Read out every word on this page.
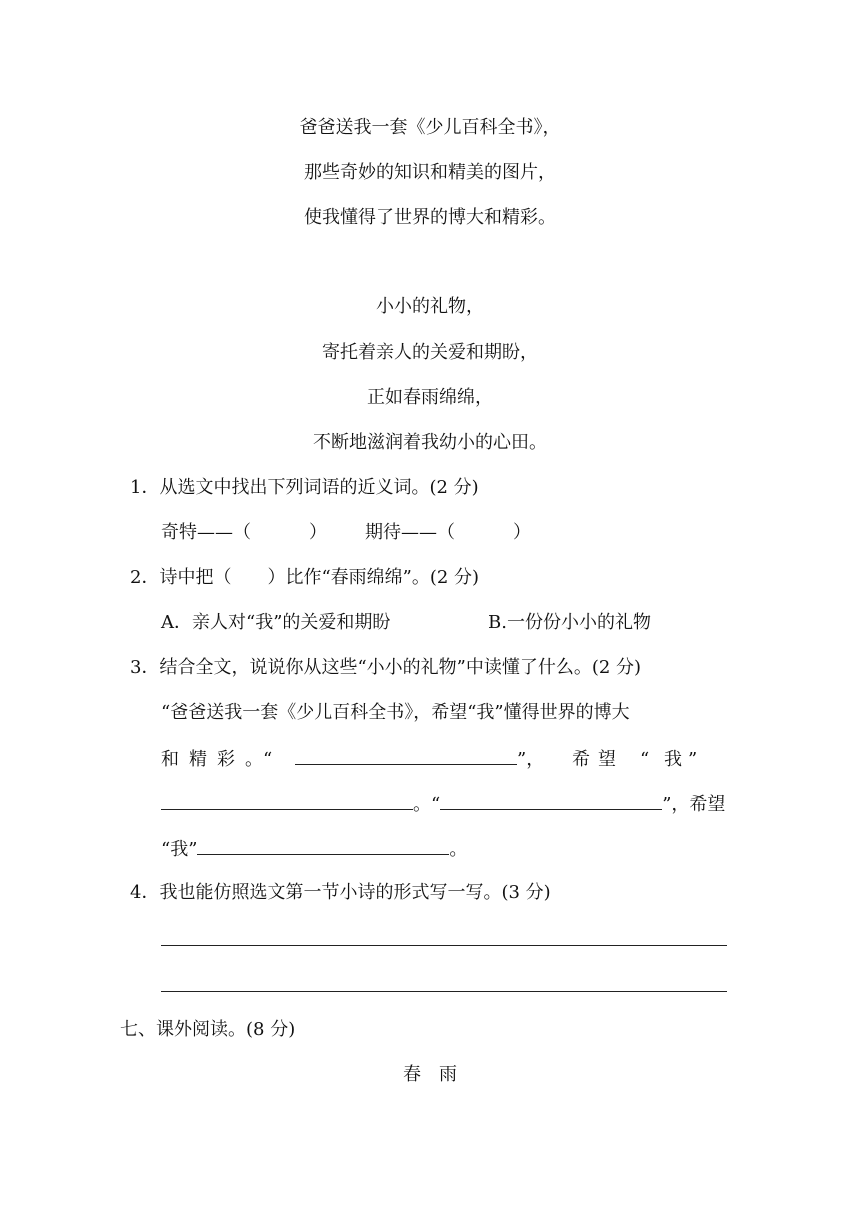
爸爸送我一套《少儿百科全书》，
那些奇妙的知识和精美的图片，
使我懂得了世界的博大和精彩。
小小的礼物，
寄托着亲人的关爱和期盼，
正如春雨绵绵，
不断地滋润着我幼小的心田。
1．从选文中找出下列词语的近义词。(2 分)
奇特——（	） 期待——（	）
2．诗中把（　　）比作“春雨绵绵”。(2 分)
A．亲人对“我”的关爱和期盼	B.一份份小小的礼物
3．结合全文，说说你从这些“小小的礼物”中读懂了什么。(2 分)
“爸爸送我一套《少儿百科全书》，希望“我”懂得世界的博大
和 精 彩 。“	”， 希 望 “ 我 ”
。“	”，希望
“我”	。
4．我也能仿照选文第一节小诗的形式写一写。(3 分)
七、课外阅读。(8 分)
春　雨
